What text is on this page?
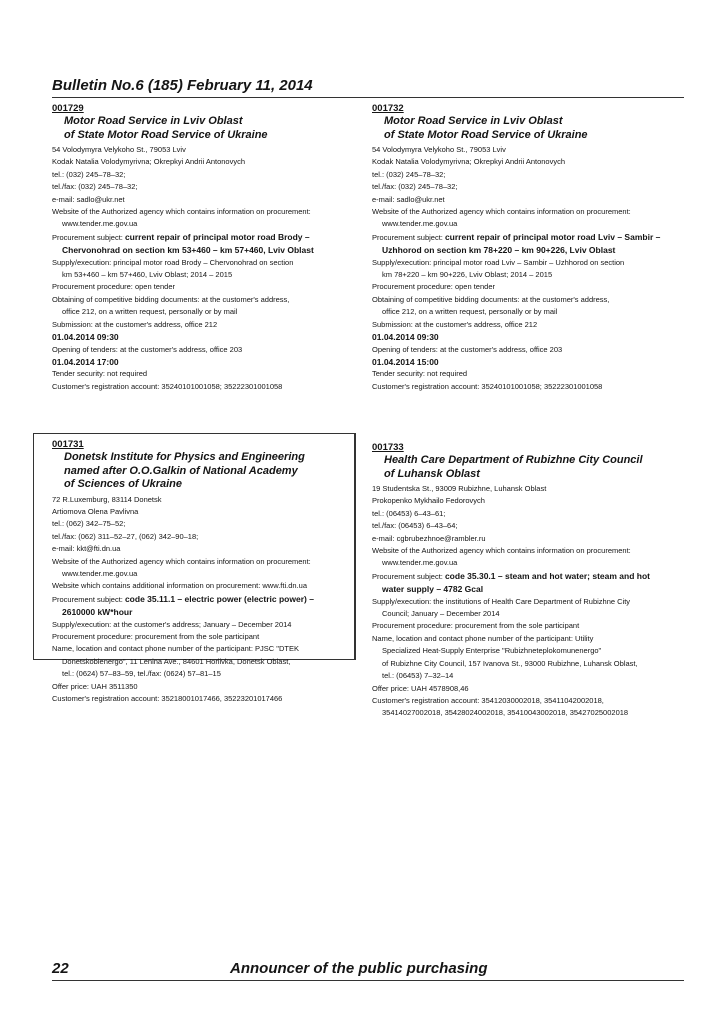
Bulletin No.6 (185) February 11, 2014
001729
Motor Road Service in Lviv Oblast
of State Motor Road Service of Ukraine
54 Volodymyra Velykoho St., 79053 Lviv
Kodak Natalia Volodymyrivna; Okrepkyi Andrii Antonovych
tel.: (032) 245–78–32;
tel./fax: (032) 245–78–32;
e-mail: sadlo@ukr.net
Website of the Authorized agency which contains information on procurement:
www.tender.me.gov.ua
Procurement subject: current repair of principal motor road Brody –
Chervonohrad on section km 53+460 – km 57+460, Lviv Oblast
Supply/execution: principal motor road Brody – Chervonohrad on section
km 53+460 – km 57+460, Lviv Oblast; 2014 – 2015
Procurement procedure: open tender
Obtaining of competitive bidding documents: at the customer's address,
office 212, on a written request, personally or by mail
Submission: at the customer's address, office 212
01.04.2014 09:30
Opening of tenders: at the customer's address, office 203
01.04.2014 17:00
Tender security: not required
Customer's registration account: 35240101001058; 35222301001058
001731
Donetsk Institute for Physics and Engineering
named after O.O.Galkin of National Academy
of Sciences of Ukraine
72 R.Luxemburg, 83114 Donetsk
Artiomova Olena Pavlivna
tel.: (062) 342–75–52;
tel./fax: (062) 311–52–27, (062) 342–90–18;
e-mail: kkt@fti.dn.ua
Website of the Authorized agency which contains information on procurement:
www.tender.me.gov.ua
Website which contains additional information on procurement: www.fti.dn.ua
Procurement subject: code 35.11.1 – electric power (electric power) –
2610000 kW*hour
Supply/execution: at the customer's address; January – December 2014
Procurement procedure: procurement from the sole participant
Name, location and contact phone number of the participant: PJSC "DTEK
Donetskoblenergo", 11 Lenina Ave., 84601 Horlivka, Donetsk Oblast,
tel.: (0624) 57–83–59, tel./fax: (0624) 57–81–15
Offer price: UAH 3511350
Customer's registration account: 35218001017466, 35223201017466
001732
Motor Road Service in Lviv Oblast
of State Motor Road Service of Ukraine
54 Volodymyra Velykoho St., 79053 Lviv
Kodak Natalia Volodymyrivna; Okrepkyi Andrii Antonovych
tel.: (032) 245–78–32;
tel./fax: (032) 245–78–32;
e-mail: sadlo@ukr.net
Website of the Authorized agency which contains information on procurement:
www.tender.me.gov.ua
Procurement subject: current repair of principal motor road Lviv – Sambir –
Uzhhorod on section km 78+220 – km 90+226, Lviv Oblast
Supply/execution: principal motor road Lviv – Sambir – Uzhhorod on section
km 78+220 – km 90+226, Lviv Oblast; 2014 – 2015
Procurement procedure: open tender
Obtaining of competitive bidding documents: at the customer's address,
office 212, on a written request, personally or by mail
Submission: at the customer's address, office 212
01.04.2014 09:30
Opening of tenders: at the customer's address, office 203
01.04.2014 15:00
Tender security: not required
Customer's registration account: 35240101001058; 35222301001058
001733
Health Care Department of Rubizhne City Council
of Luhansk Oblast
19 Studentska St., 93009 Rubizhne, Luhansk Oblast
Prokopenko Mykhailo Fedorovych
tel.: (06453) 6–43–61;
tel./fax: (06453) 6–43–64;
e-mail: cgbrubezhnoe@rambler.ru
Website of the Authorized agency which contains information on procurement:
www.tender.me.gov.ua
Procurement subject: code 35.30.1 – steam and hot water; steam and hot
water supply – 4782 Gcal
Supply/execution: the institutions of Health Care Department of Rubizhne City
Council; January – December 2014
Procurement procedure: procurement from the sole participant
Name, location and contact phone number of the participant: Utility
Specialized Heat-Supply Enterprise "Rubizhneteplokomunenergo"
of Rubizhne City Council, 157 Ivanova St., 93000 Rubizhne, Luhansk Oblast,
tel.: (06453) 7–32–14
Offer price: UAH 4578908,46
Customer's registration account: 35412030002018, 35411042002018,
35414027002018, 35428024002018, 35410043002018, 35427025002018
22	Announcer of the public purchasing
